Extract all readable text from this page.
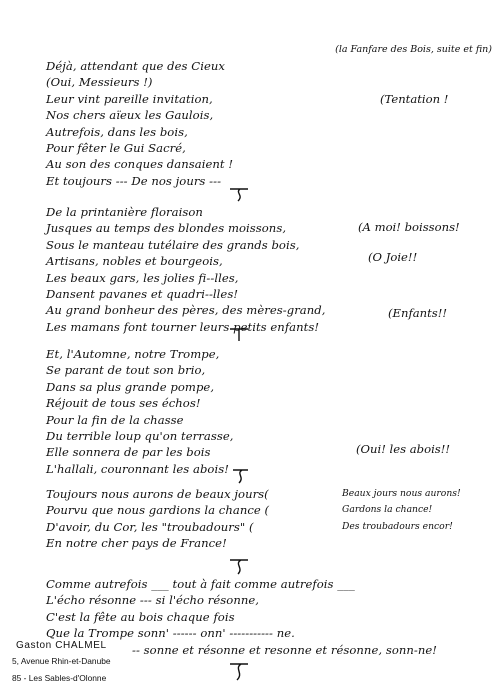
(la Fanfare des Bois, suite et fin)
Déjà, attendant que des Cieux
(Oui, Messieurs !)
Leur vint pareille invitation,
Nos chers aïeux les Gaulois,
Autrefois, dans les bois,
Pour fêter le Gui Sacré,
Au son des conques dansaient !
Et toujours --- De nos jours ---
(Tentation !
De la printanière floraison
Jusques au temps des blondes moissons,
Sous le manteau tutélaire des grands bois,
Artisans, nobles et bourgeois,
Les beaux gars, les jolies fi--lles,
Dansent pavanes et quadri--lles!
Au grand bonheur des pères, des mères-grand,
Les mamans font tourner leurs petits enfants!
(A moi! boissons!
(O Joie!!
(Enfants!!
Et, l'Automne, notre Trompe,
Se parant de tout son brio,
Dans sa plus grande pompe,
Réjouit de tous ses échos!
Pour la fin de la chasse
Du terrible loup qu'on terrasse,
Elle sonnera de par les bois
L'hallali, couronnant les abois!
(Oui! les abois!!
Toujours nous aurons de beaux jours(
Pourvu que nous gardions la chance (
D'avoir, du Cor, les "troubadours" (
En notre cher pays de France!
Beaux jours nous aurons!
Gardons la chance!
Des troubadours encor!
Comme autrefois ___ tout à fait comme autrefois ___
L'écho résonne --- si l'écho résonne,
C'est la fête au bois chaque fois
Que la Trompe sonn' ------ onn' ----------- ne.
-- sonne et résonne et resonne et résonne, sonn-ne!
Gaston CHALMEL
5, Avenue Rhin-et-Danube
85 - Les Sables-d'Olonne
